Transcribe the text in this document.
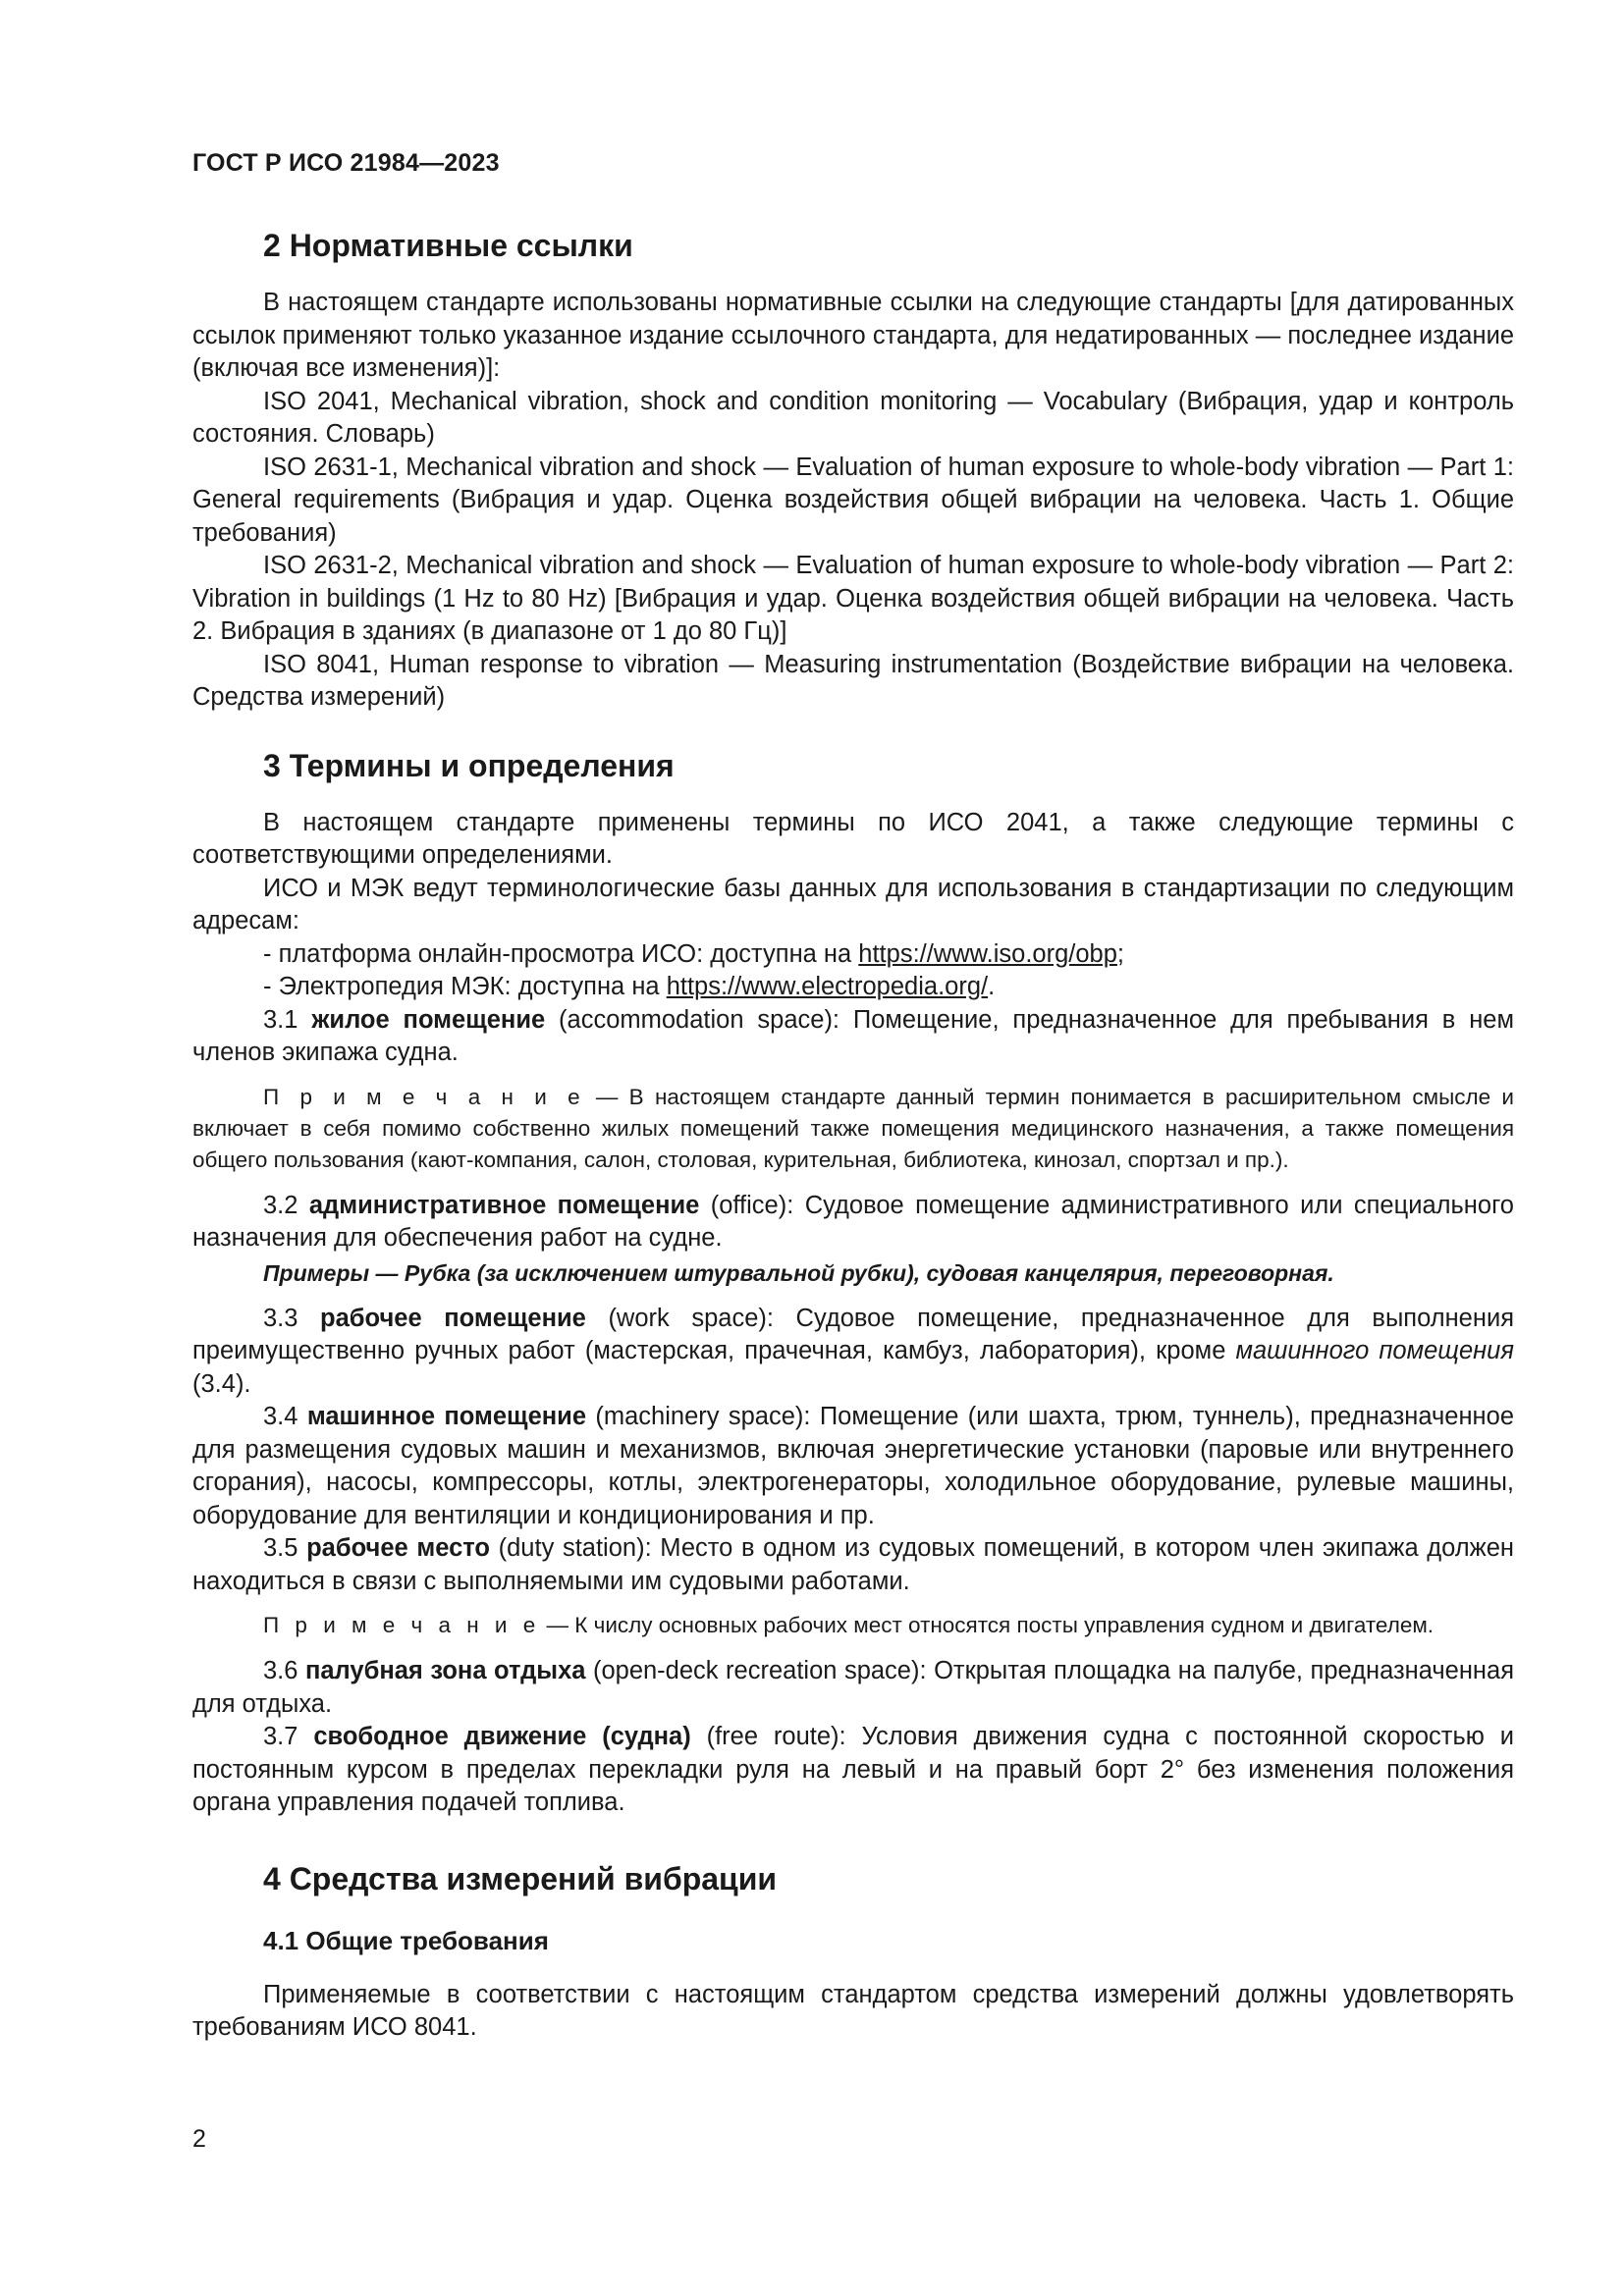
ГОСТ Р ИСО 21984—2023
2 Нормативные ссылки

В настоящем стандарте использованы нормативные ссылки на следующие стандарты [для датированных ссылок применяют только указанное издание ссылочного стандарта, для недатированных — последнее издание (включая все изменения)]:

ISO 2041, Mechanical vibration, shock and condition monitoring — Vocabulary (Вибрация, удар и контроль состояния. Словарь)

ISO 2631-1, Mechanical vibration and shock — Evaluation of human exposure to whole-body vibration — Part 1: General requirements (Вибрация и удар. Оценка воздействия общей вибрации на человека. Часть 1. Общие требования)

ISO 2631-2, Mechanical vibration and shock — Evaluation of human exposure to whole-body vibration — Part 2: Vibration in buildings (1 Hz to 80 Hz) [Вибрация и удар. Оценка воздействия общей вибрации на человека. Часть 2. Вибрация в зданиях (в диапазоне от 1 до 80 Гц)]

ISO 8041, Human response to vibration — Measuring instrumentation (Воздействие вибрации на человека. Средства измерений)

3 Термины и определения

В настоящем стандарте применены термины по ИСО 2041, а также следующие термины с соответствующими определениями.

ИСО и МЭК ведут терминологические базы данных для использования в стандартизации по следующим адресам:

- платформа онлайн-просмотра ИСО: доступна на https://www.iso.org/obp;

- Электропедия МЭК: доступна на https://www.electropedia.org/.

3.1 жилое помещение (accommodation space): Помещение, предназначенное для пребывания в нем членов экипажа судна.

П р и м е ч а н и е — В настоящем стандарте данный термин понимается в расширительном смысле и включает в себя помимо собственно жилых помещений также помещения медицинского назначения, а также помещения общего пользования (кают-компания, салон, столовая, курительная, библиотека, кинозал, спортзал и пр.).

3.2 административное помещение (office): Судовое помещение административного или специального назначения для обеспечения работ на судне.

Примеры — Рубка (за исключением штурвальной рубки), судовая канцелярия, переговорная.

3.3 рабочее помещение (work space): Судовое помещение, предназначенное для выполнения преимущественно ручных работ (мастерская, прачечная, камбуз, лаборатория), кроме машинного помещения (3.4).

3.4 машинное помещение (machinery space): Помещение (или шахта, трюм, туннель), предназначенное для размещения судовых машин и механизмов, включая энергетические установки (паровые или внутреннего сгорания), насосы, компрессоры, котлы, электрогенераторы, холодильное оборудование, рулевые машины, оборудование для вентиляции и кондиционирования и пр.

3.5 рабочее место (duty station): Место в одном из судовых помещений, в котором член экипажа должен находиться в связи с выполняемыми им судовыми работами.

П р и м е ч а н и е — К числу основных рабочих мест относятся посты управления судном и двигателем.

3.6 палубная зона отдыха (open-deck recreation space): Открытая площадка на палубе, предназначенная для отдыха.

3.7 свободное движение (судна) (free route): Условия движения судна с постоянной скоростью и постоянным курсом в пределах перекладки руля на левый и на правый борт 2° без изменения положения органа управления подачей топлива.

4 Средства измерений вибрации
4.1 Общие требования

Применяемые в соответствии с настоящим стандартом средства измерений должны удовлетворять требованиям ИСО 8041.

2
